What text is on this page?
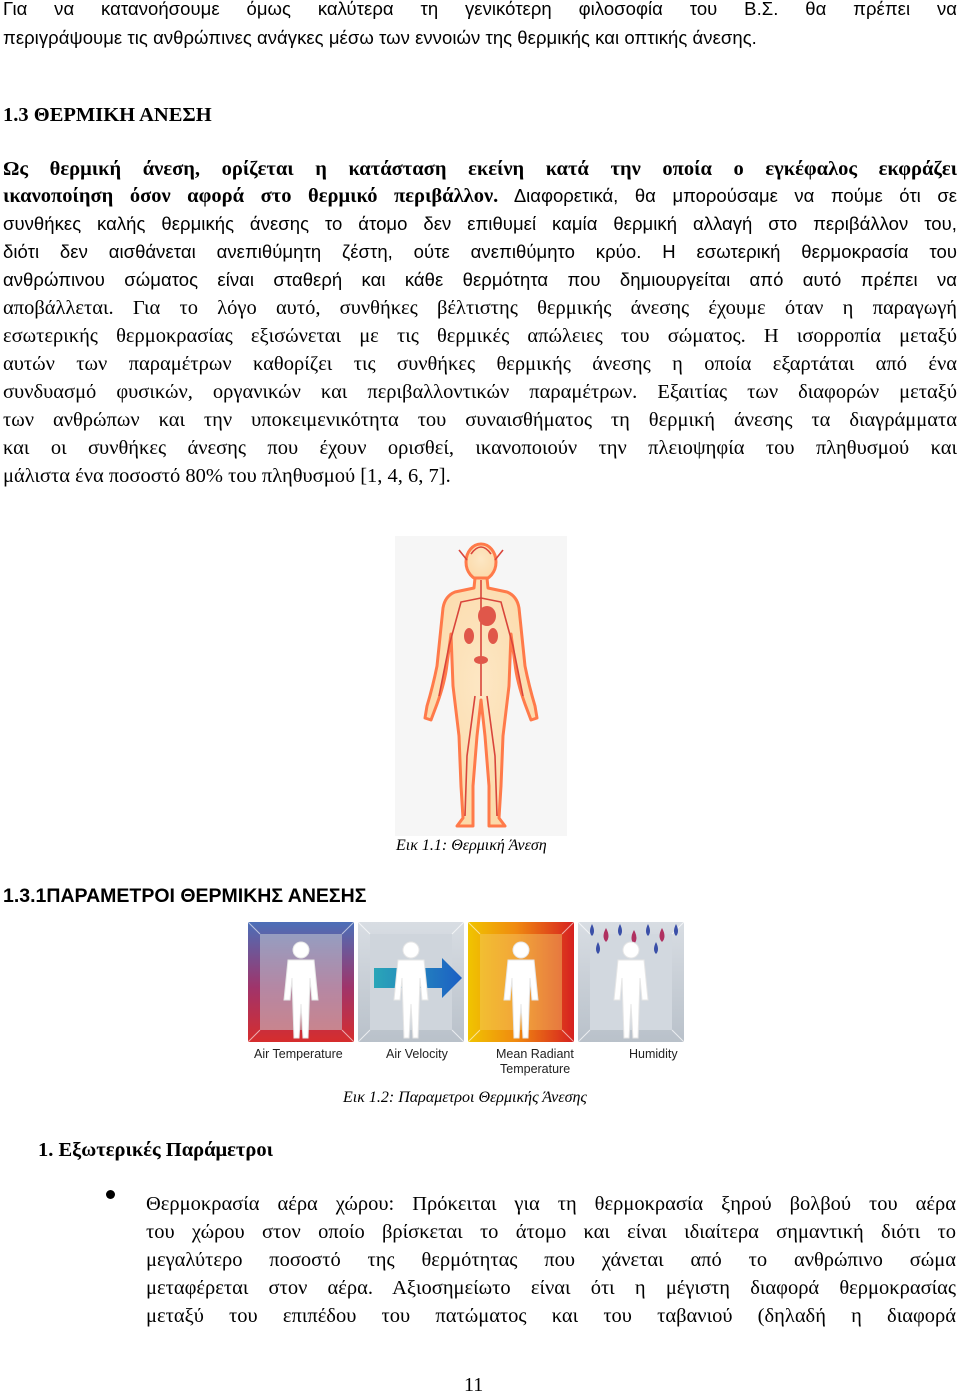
Για να κατανοήσουμε όμως καλύτερα τη γενικότερη φιλοσοφία του Β.Σ. θα πρέπει να
περιγράψουμε τις ανθρώπινες ανάγκες μέσω των εννοιών της θερμικής και οπτικής άνεσης.
1.3 ΘΕΡΜΙΚΗ ΑΝΕΣΗ
Ως θερμική άνεση, ορίζεται η κατάσταση εκείνη κατά την οποία ο εγκέφαλος εκφράζει
ικανοποίηση όσον αφορά στο θερμικό περιβάλλον. Διαφορετικά, θα μπορούσαμε να πούμε ότι σε
συνθήκες καλής θερμικής άνεσης το άτομο δεν επιθυμεί καμία θερμική αλλαγή στο περιβάλλον του,
διότι δεν αισθάνεται ανεπιθύμητη ζέστη, ούτε ανεπιθύμητο κρύο. Η εσωτερική θερμοκρασία του
ανθρώπινου σώματος είναι σταθερή και κάθε θερμότητα που δημιουργείται από αυτό πρέπει να
αποβάλλεται. Για το λόγο αυτό, συνθήκες βέλτιστης θερμικής άνεσης έχουμε όταν η παραγωγή
εσωτερικής θερμοκρασίας εξισώνεται με τις θερμικές απώλειες του σώματος. Η ισορροπία μεταξύ
αυτών των παραμέτρων καθορίζει τις συνθήκες θερμικής άνεσης η οποία εξαρτάται από ένα
συνδυασμό φυσικών, οργανικών και περιβαλλοντικών παραμέτρων. Εξαιτίας των διαφορών μεταξύ
των ανθρώπων και την υποκειμενικότητα του συναισθήματος τη θερμική άνεσης τα διαγράμματα
και οι συνθήκες άνεσης που έχουν ορισθεί, ικανοποιούν την πλειοψηφία του πληθυσμού και
μάλιστα ένα ποσοστό 80% του πληθυσμού [1, 4, 6, 7].
Εικ 1.1: Θερμική Άνεση
1.3.1ΠΑΡΑΜΕΤΡΟΙ ΘΕΡΜΙΚΗΣ ΑΝΕΣΗΣ
Air Temperature	Air Velocity	Mean Radiant
Temperature
Humidity
Εικ 1.2: Παραμετροι Θερμικής Άνεσης
1. Εξωτερικές Παράμετροι
Θερμοκρασία αέρα χώρου: Πρόκειται για τη θερμοκρασία ξηρού βολβού του αέρα
του χώρου στον οποίο βρίσκεται το άτομο και είναι ιδιαίτερα σημαντική διότι το
μεγαλύτερο ποσοστό της θερμότητας που χάνεται από το ανθρώπινο σώμα
μεταφέρεται στον αέρα. Αξιοσημείωτο είναι ότι η μέγιστη διαφορά θερμοκρασίας
μεταξύ του επιπέδου του πατώματος και του ταβανιού (δηλαδή η διαφορά
11
